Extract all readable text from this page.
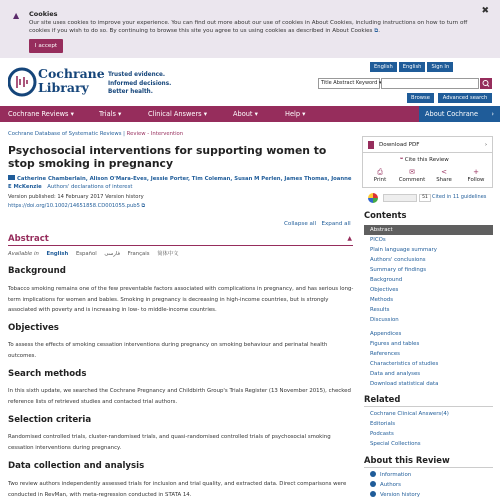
▲	Cookies
Our site uses cookies to improve your experience. You can find out more about our use of cookies in About Cookies, including instructions on how to turn off cookies if you wish to do so. By continuing to browse this site you agree to us using cookies as described in About Cookies ⧉.
✖
I accept
English	English	Sign In
Cochrane
Library
Trusted evidence.
Informed decisions.
Better health.
Title Abstract Keyword ▾
Browse	Advanced search
Cochrane Reviews ▾	Trials ▾	Clinical Answers ▾	About ▾	Help ▾	About Cochrane ›
Cochrane Database of Systematic Reviews | Review - Intervention
Psychosocial interventions for supporting women to stop smoking in pregnancy
Catherine Chamberlain, Alison O'Mara-Eves, Jessie Porter, Tim Coleman, Susan M Perlen, James Thomas, Joanne E McKenzie Authors' declarations of interest
Version published: 14 February 2017 Version history
https://doi.org/10.1002/14651858.CD001055.pub5 ⧉
Collapse all Expand all
Abstract	▲
Available in English Español فارسی Français 简体中文
Background

Tobacco smoking remains one of the few preventable factors associated with complications in pregnancy, and has serious long-term implications for women and babies. Smoking in pregnancy is decreasing in high-income countries, but is strongly associated with poverty and is increasing in low- to middle-income countries.

Objectives

To assess the effects of smoking cessation interventions during pregnancy on smoking behaviour and perinatal health outcomes.

Search methods

In this sixth update, we searched the Cochrane Pregnancy and Childbirth Group's Trials Register (13 November 2015), checked reference lists of retrieved studies and contacted trial authors.

Selection criteria

Randomised controlled trials, cluster-randomised trials, and quasi-randomised controlled trials of psychosocial smoking cessation interventions during pregnancy.

Data collection and analysis

Two review authors independently assessed trials for inclusion and trial quality, and extracted data. Direct comparisons were conducted in RevMan, with meta-regression conducted in STATA 14.

Download PDF	›
❝ Cite this Review
⎙
Print
✉
Comment
<
Share
+
Follow
51 Cited in 11 guidelines
Contents
Abstract
PICOs
Plain language summary
Authors' conclusions
Summary of findings
Background
Objectives
Methods
Results
Discussion
Appendices
Figures and tables
References
Characteristics of studies
Data and analyses
Download statistical data
Related
Cochrane Clinical Answers(4)
Editorials
Podcasts
Special Collections
About this Review
Information
Authors
Version history
